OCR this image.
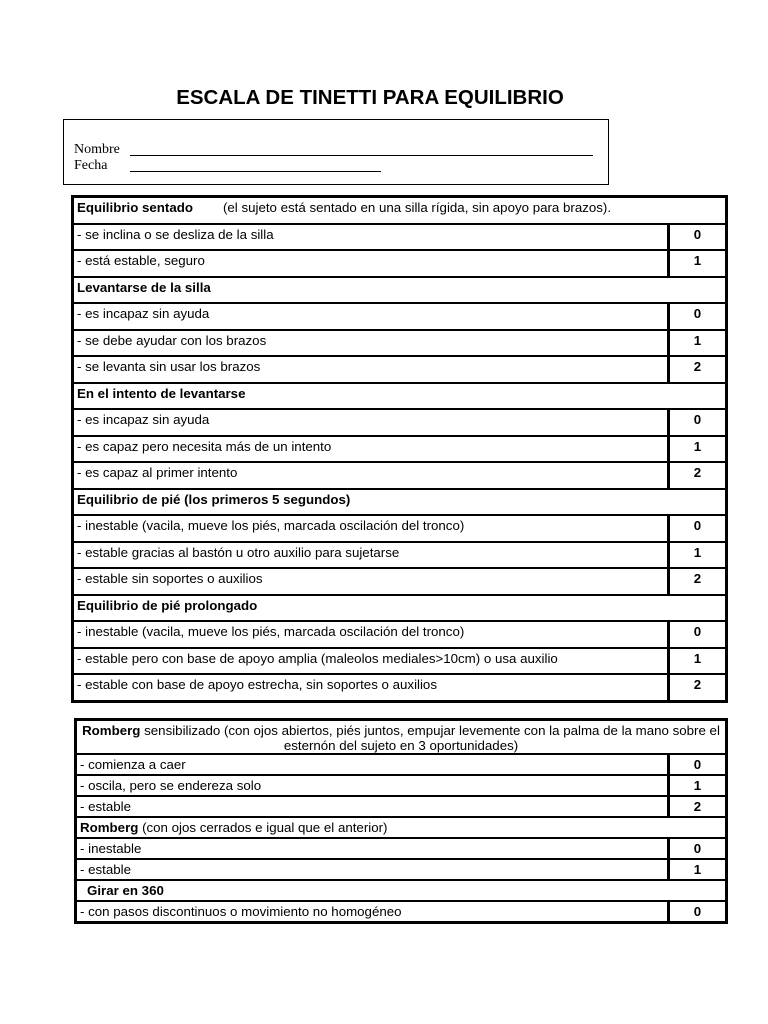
ESCALA DE TINETTI PARA EQUILIBRIO
Nombre
Fecha
Equilibrio sentado (el sujeto está sentado en una silla rígida, sin apoyo para brazos).	
- se inclina o se desliza de la silla	0
- está estable, seguro	1
Levantarse de la silla	
- es incapaz sin ayuda	0
- se debe ayudar con los brazos	1
- se levanta sin usar los brazos	2
En el intento de levantarse	
- es incapaz sin ayuda	0
- es capaz pero necesita más de un intento	1
- es capaz al primer intento	2
Equilibrio de pié (los primeros 5 segundos)	
- inestable (vacila, mueve los piés, marcada oscilación del tronco)	0
- estable gracias al bastón u otro auxilio para sujetarse	1
- estable sin soportes o auxilios	2
Equilibrio de pié prolongado	
- inestable (vacila, mueve los piés, marcada oscilación del tronco)	0
- estable pero con base de apoyo amplia (maleolos mediales>10cm) o usa auxilio	1
- estable con base de apoyo estrecha, sin soportes o auxilios	2
Romberg sensibilizado (con ojos abiertos, piés juntos, empujar levemente con la palma de la mano sobre el esternón del sujeto en 3 oportunidades)	
- comienza a caer	0
- oscila, pero se endereza solo	1
- estable	2
Romberg (con ojos cerrados e igual que el anterior)	
- inestable	0
- estable	1
Girar en 360	
- con pasos discontinuos o movimiento no homogéneo	0
